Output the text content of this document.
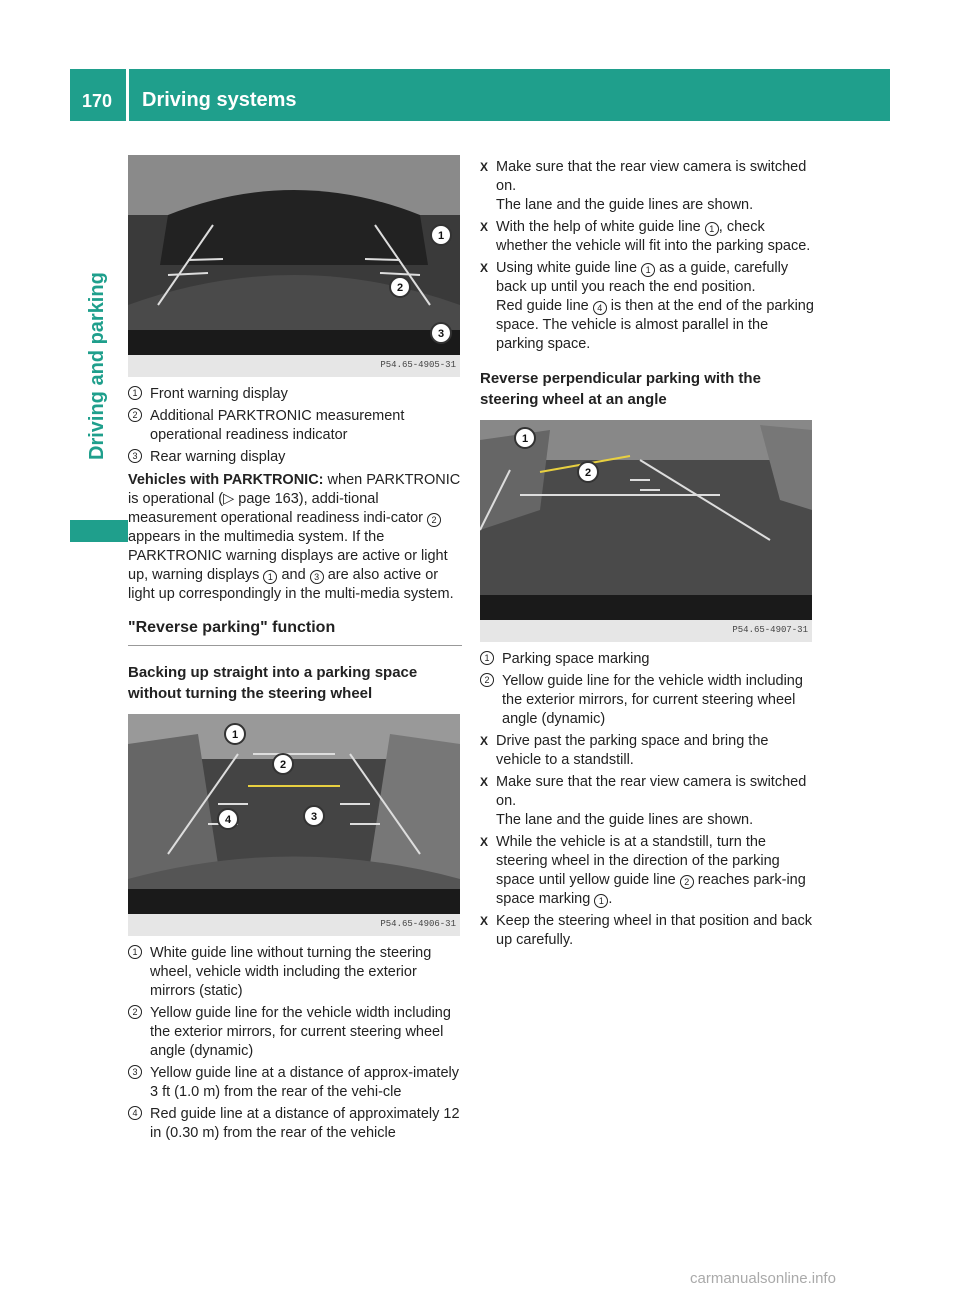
170 Driving systems
Driving and parking
1
2
3
P54.65-4905-31
1 Front warning display
2 Additional PARKTRONIC measurement operational readiness indicator
3 Rear warning display

Vehicles with PARKTRONIC: when PARKTRONIC is operational (▷ page 163), addi-tional measurement operational readiness indi-cator 2 appears in the multimedia system. If the PARKTRONIC warning displays are active or light up, warning displays 1 and 3 are also active or light up correspondingly in the multi-media system.

"Reverse parking" function
Backing up straight into a parking space without turning the steering wheel
1
2
3
4
P54.65-4906-31
1 White guide line without turning the steering wheel, vehicle width including the exterior mirrors (static)
2 Yellow guide line for the vehicle width including the exterior mirrors, for current steering wheel angle (dynamic)
3 Yellow guide line at a distance of approx-imately 3 ft (1.0 m) from the rear of the vehi-cle
4 Red guide line at a distance of approximately 12 in (0.30 m) from the rear of the vehicle
X Make sure that the rear view camera is switched on.
The lane and the guide lines are shown.
X With the help of white guide line 1 , check whether the vehicle will fit into the parking space.
X Using white guide line 1 as a guide, carefully back up until you reach the end position.
Red guide line 4 is then at the end of the parking space. The vehicle is almost parallel in the parking space.
Reverse perpendicular parking with the steering wheel at an angle
1
2
P54.65-4907-31
1 Parking space marking
2 Yellow guide line for the vehicle width including the exterior mirrors, for current steering wheel angle (dynamic)
X Drive past the parking space and bring the vehicle to a standstill.
X Make sure that the rear view camera is switched on.
The lane and the guide lines are shown.
X While the vehicle is at a standstill, turn the steering wheel in the direction of the parking space until yellow guide line 2 reaches park-ing space marking 1 .
X Keep the steering wheel in that position and back up carefully.
carmanualsonline.info
